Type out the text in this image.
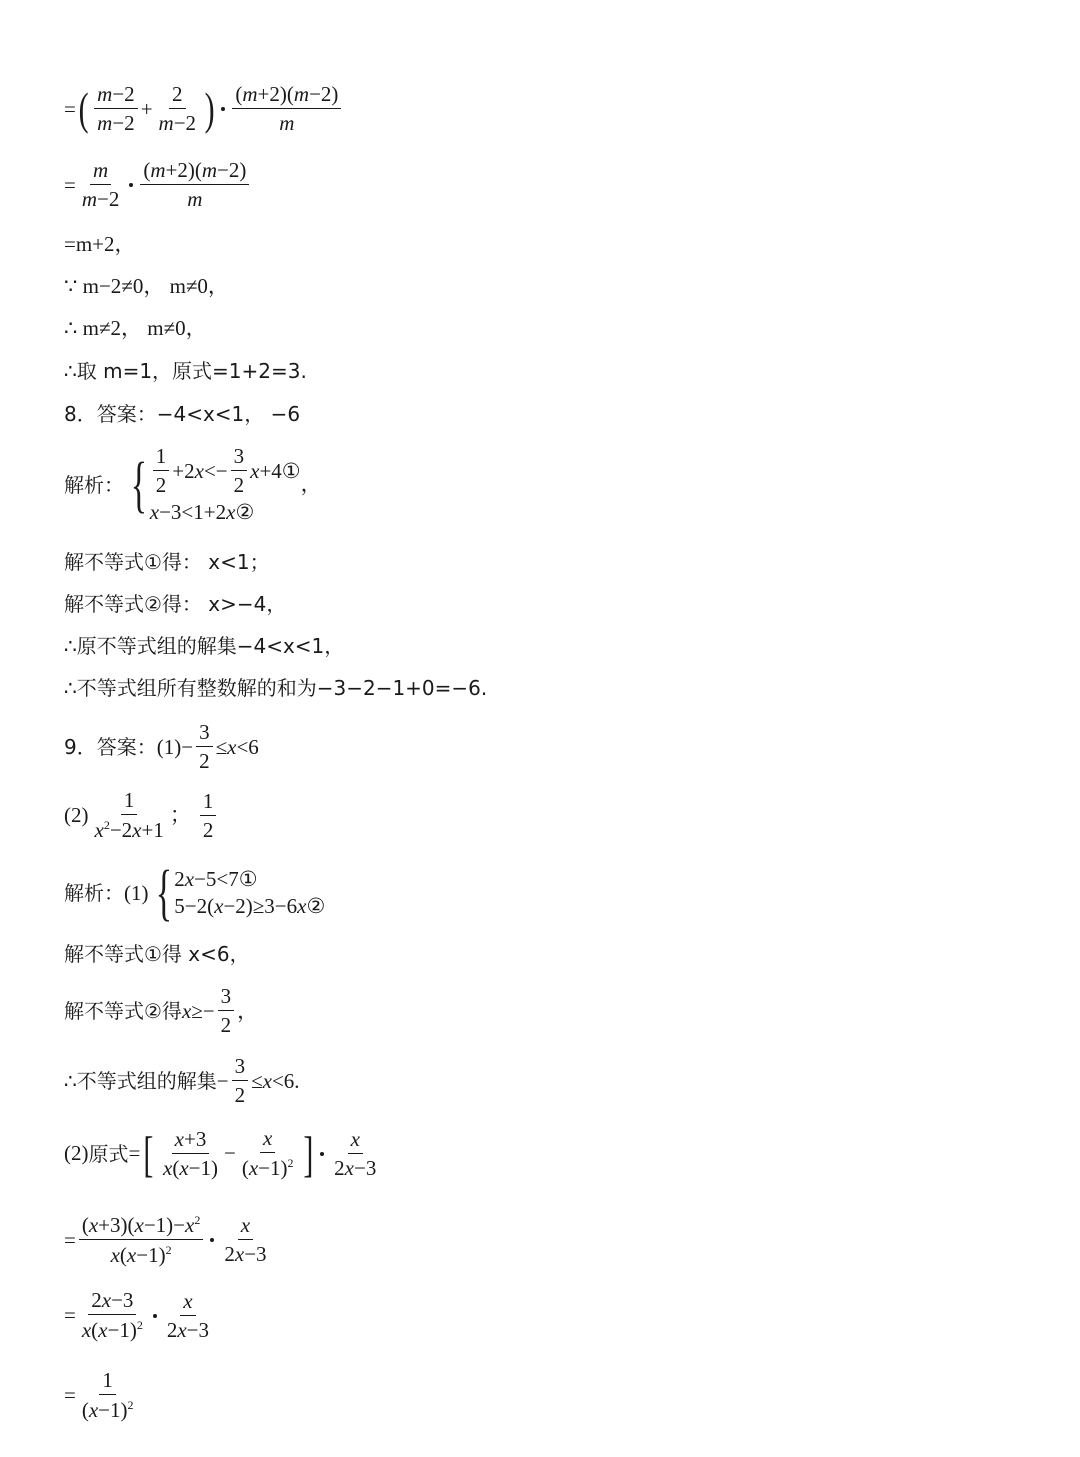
= ( $\frac{m-2}{m-2} + \frac{2}{m-2}$ ) $\frac{(m+2)(m-2)}{m}$
= $\frac{m}{m-2} \frac{(m+2)(m-2)}{m}$
=m+2，
∵ m−2≠0， m≠0，
∴ m≠2， m≠0，
∴取 m=1，原式=1+2=3.
8．答案：−4<x<1， −6
解析： { $\frac{1}{2} +2$ $x <- \frac{3}{2}$ x +4①
x −3<1+2 x ②
，
解不等式①得： x<1；
解不等式②得： x>−4，
∴原不等式组的解集−4<x<1，
∴不等式组所有整数解的和为−3−2−1+0=−6.
9．答案： $(1)- \frac{3}{2} \le x<6$
$(2) \frac{1}{x^2-2x+1}$ ； $\frac{1}{2}$
解析： (1) { 2 x −5<7①
5−2( x −2)≥3−6 x ②
解不等式①得 x<6，
解不等式②得 $x\ge- \frac{3}{2}$ ，
∴不等式组的解集 − $\frac{3}{2} \le x<6$.
(2) 原式 = [ $\frac{x+3}{x(x-1)} - \frac{x}{(x-1)^2}$ ] $\frac{x}{2x-3}$
= $\frac{(x+3)(x-1)-x^2}{x(x-1)^2} \frac{x}{2x-3}$
= $\frac{2x-3}{x(x-1)^2} \frac{x}{2x-3}$
= $\frac{1}{(x-1)^2}$
